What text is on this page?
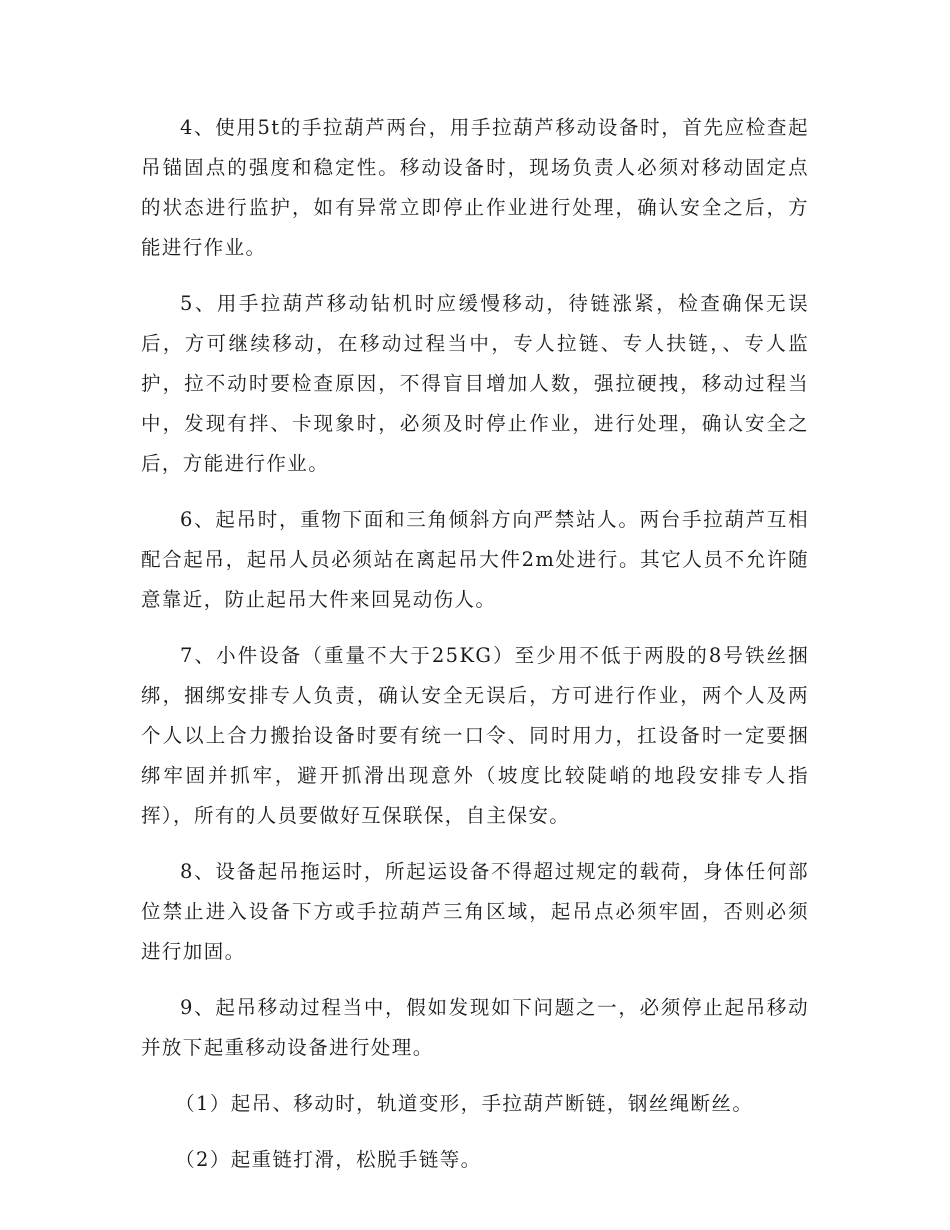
4、使用5t的手拉葫芦两台，用手拉葫芦移动设备时，首先应检查起吊锚固点的强度和稳定性。移动设备时，现场负责人必须对移动固定点的状态进行监护，如有异常立即停止作业进行处理，确认安全之后，方能进行作业。

5、用手拉葫芦移动钻机时应缓慢移动，待链涨紧，检查确保无误后，方可继续移动，在移动过程当中，专人拉链、专人扶链，、专人监护，拉不动时要检查原因，不得盲目增加人数，强拉硬拽，移动过程当中，发现有拌、卡现象时，必须及时停止作业，进行处理，确认安全之后，方能进行作业。

6、起吊时，重物下面和三角倾斜方向严禁站人。两台手拉葫芦互相配合起吊，起吊人员必须站在离起吊大件2m处进行。其它人员不允许随意靠近，防止起吊大件来回晃动伤人。

7、小件设备（重量不大于25KG）至少用不低于两股的8号铁丝捆绑，捆绑安排专人负责，确认安全无误后，方可进行作业，两个人及两个人以上合力搬抬设备时要有统一口令、同时用力，扛设备时一定要捆绑牢固并抓牢，避开抓滑出现意外（坡度比较陡峭的地段安排专人指挥），所有的人员要做好互保联保，自主保安。

8、设备起吊拖运时，所起运设备不得超过规定的载荷，身体任何部位禁止进入设备下方或手拉葫芦三角区域，起吊点必须牢固，否则必须进行加固。

9、起吊移动过程当中，假如发现如下问题之一，必须停止起吊移动并放下起重移动设备进行处理。

（1）起吊、移动时，轨道变形，手拉葫芦断链，钢丝绳断丝。

（2）起重链打滑，松脱手链等。
